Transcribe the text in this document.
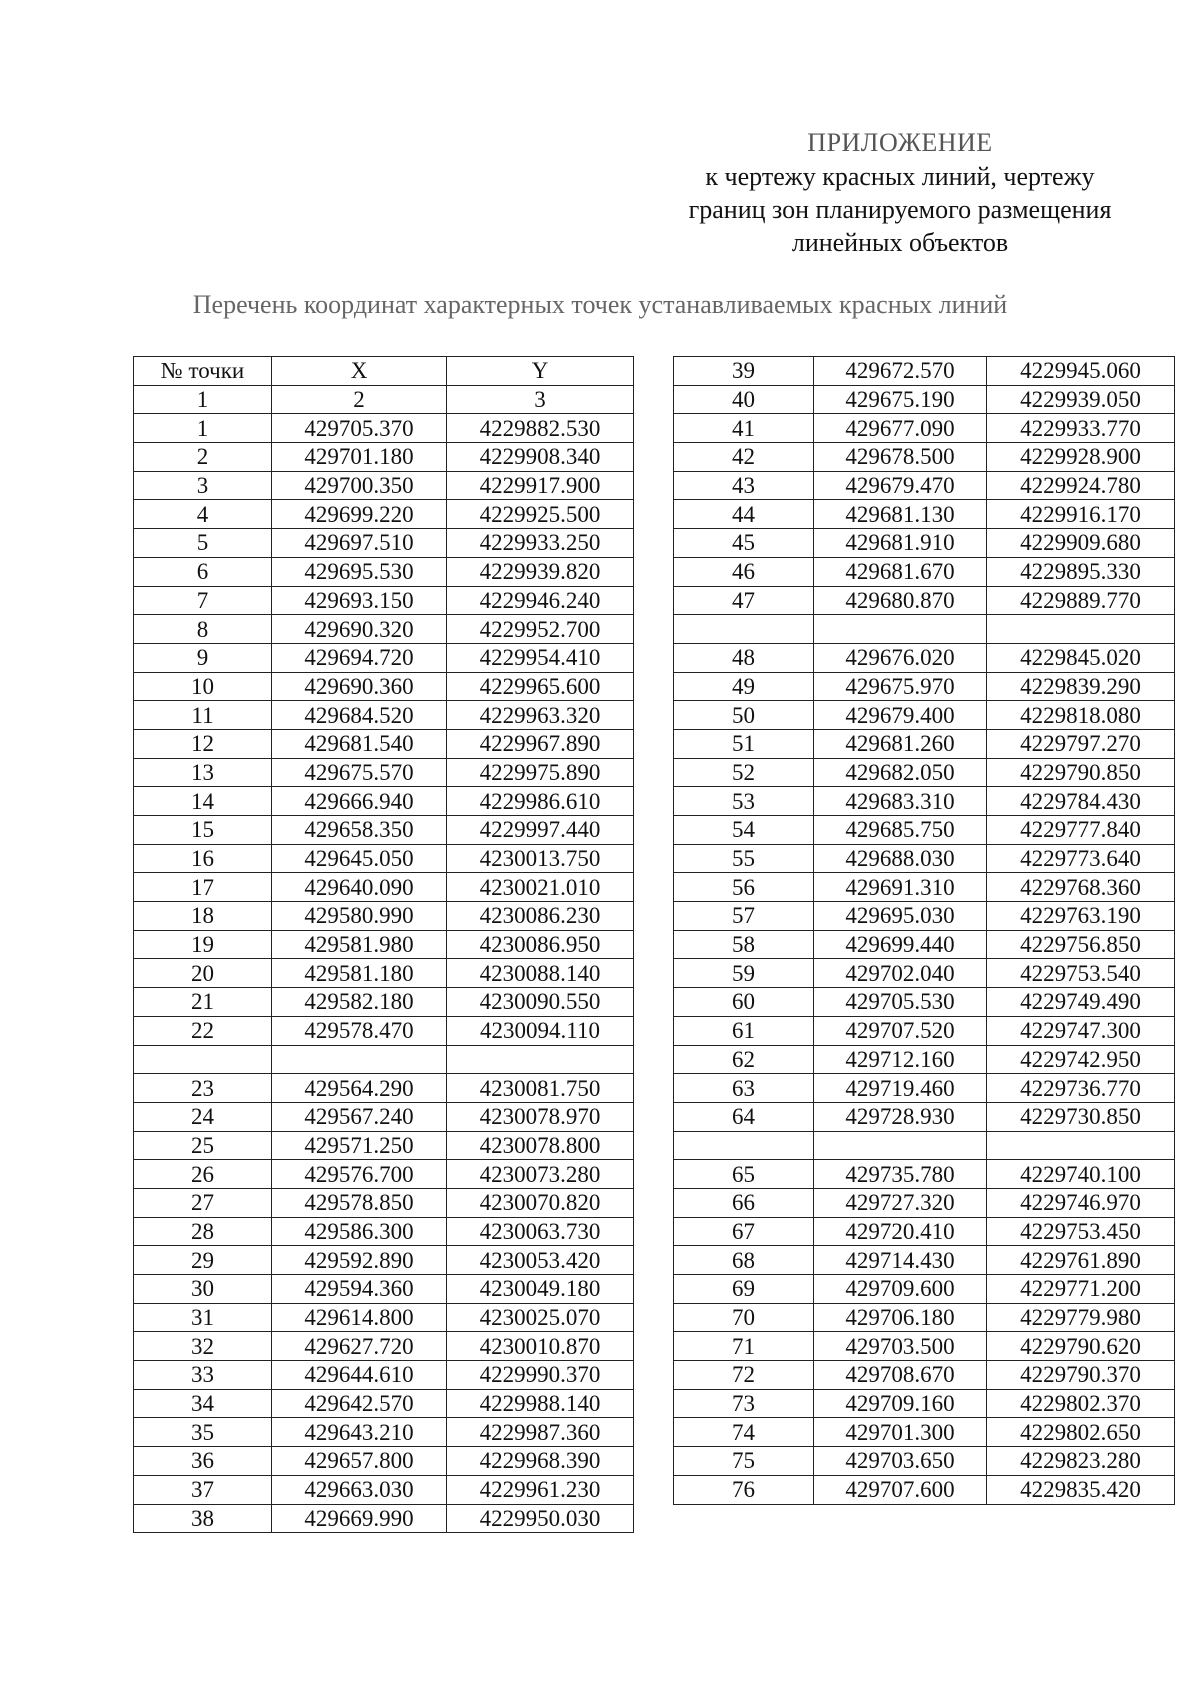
ПРИЛОЖЕНИЕ
к чертежу красных линий, чертежу
границ зон планируемого размещения
линейных объектов
Перечень координат характерных точек устанавливаемых красных линий
№ точки	X	Y
1	2	3
1	429705.370	4229882.530
2	429701.180	4229908.340
3	429700.350	4229917.900
4	429699.220	4229925.500
5	429697.510	4229933.250
6	429695.530	4229939.820
7	429693.150	4229946.240
8	429690.320	4229952.700
9	429694.720	4229954.410
10	429690.360	4229965.600
11	429684.520	4229963.320
12	429681.540	4229967.890
13	429675.570	4229975.890
14	429666.940	4229986.610
15	429658.350	4229997.440
16	429645.050	4230013.750
17	429640.090	4230021.010
18	429580.990	4230086.230
19	429581.980	4230086.950
20	429581.180	4230088.140
21	429582.180	4230090.550
22	429578.470	4230094.110

23	429564.290	4230081.750
24	429567.240	4230078.970
25	429571.250	4230078.800
26	429576.700	4230073.280
27	429578.850	4230070.820
28	429586.300	4230063.730
29	429592.890	4230053.420
30	429594.360	4230049.180
31	429614.800	4230025.070
32	429627.720	4230010.870
33	429644.610	4229990.370
34	429642.570	4229988.140
35	429643.210	4229987.360
36	429657.800	4229968.390
37	429663.030	4229961.230
38	429669.990	4229950.030
39	429672.570	4229945.060
40	429675.190	4229939.050
41	429677.090	4229933.770
42	429678.500	4229928.900
43	429679.470	4229924.780
44	429681.130	4229916.170
45	429681.910	4229909.680
46	429681.670	4229895.330
47	429680.870	4229889.770

48	429676.020	4229845.020
49	429675.970	4229839.290
50	429679.400	4229818.080
51	429681.260	4229797.270
52	429682.050	4229790.850
53	429683.310	4229784.430
54	429685.750	4229777.840
55	429688.030	4229773.640
56	429691.310	4229768.360
57	429695.030	4229763.190
58	429699.440	4229756.850
59	429702.040	4229753.540
60	429705.530	4229749.490
61	429707.520	4229747.300
62	429712.160	4229742.950
63	429719.460	4229736.770
64	429728.930	4229730.850

65	429735.780	4229740.100
66	429727.320	4229746.970
67	429720.410	4229753.450
68	429714.430	4229761.890
69	429709.600	4229771.200
70	429706.180	4229779.980
71	429703.500	4229790.620
72	429708.670	4229790.370
73	429709.160	4229802.370
74	429701.300	4229802.650
75	429703.650	4229823.280
76	429707.600	4229835.420
